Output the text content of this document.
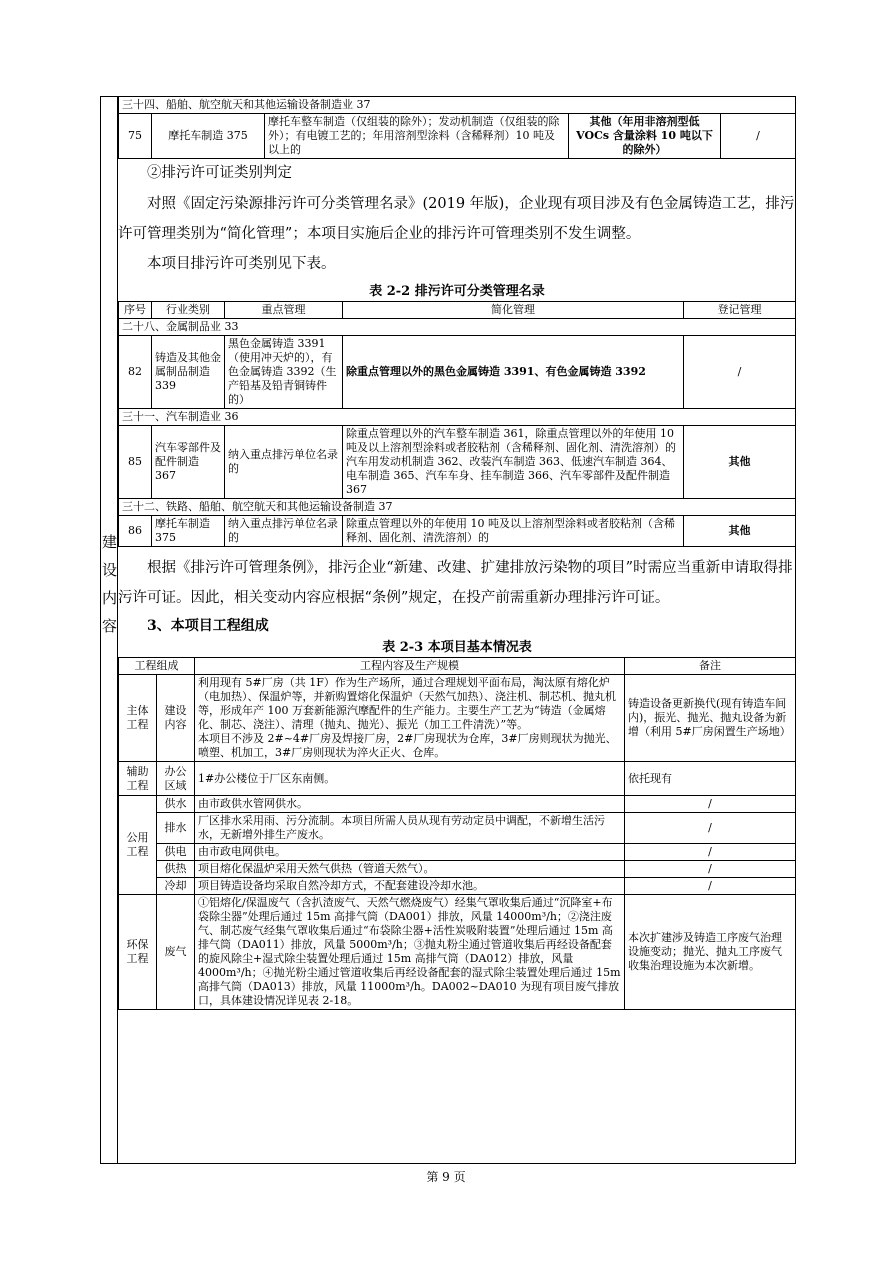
建设内容
三十四、船舶、航空航天和其他运输设备制造业 37
75	摩托车制造 375	摩托车整车制造（仅组装的除外）；发动机制造（仅组装的除外）；有电镀工艺的；年用溶剂型涂料（含稀释剂）10 吨及以上的	其他（年用非溶剂型低 VOCs 含量涂料 10 吨以下的除外）	/

②排污许可证类别判定

对照《固定污染源排污许可分类管理名录》(2019 年版)，企业现有项目涉及有色金属铸造工艺，排污许可管理类别为“简化管理”；本项目实施后企业的排污许可管理类别不发生调整。

本项目排污许可类别见下表。

表 2-2 排污许可分类管理名录
序号	行业类别	重点管理	简化管理	登记管理
二十八、金属制品业 33				
82	铸造及其他金属制品制造 339	黑色金属铸造 3391（使用冲天炉的），有色金属铸造 3392（生产铅基及铅青铜铸件的）	除重点管理以外的黑色金属铸造 3391、有色金属铸造 3392	/
三十一、汽车制造业 36				
85	汽车零部件及配件制造 367	纳入重点排污单位名录的	除重点管理以外的汽车整车制造 361，除重点管理以外的年使用 10 吨及以上溶剂型涂料或者胶粘剂（含稀释剂、固化剂、清洗溶剂）的汽车用发动机制造 362、改装汽车制造 363、低速汽车制造 364、电车制造 365、汽车车身、挂车制造 366、汽车零部件及配件制造 367	其他
三十二、铁路、船舶、航空航天和其他运输设备制造 37				
86	摩托车制造 375	纳入重点排污单位名录的	除重点管理以外的年使用 10 吨及以上溶剂型涂料或者胶粘剂（含稀释剂、固化剂、清洗溶剂）的	其他

根据《排污许可管理条例》，排污企业“新建、改建、扩建排放污染物的项目”时需应当重新申请取得排污许可证。因此，相关变动内容应根据“条例”规定，在投产前需重新办理排污许可证。

3、本项目工程组成
表 2-3 本项目基本情况表
工程组成		工程内容及生产规模	备注
主体工程	建设内容	利用现有 5#厂房（共 1F）作为生产场所，通过合理规划平面布局，淘汰原有熔化炉（电加热）、保温炉等，并新购置熔化保温炉（天然气加热）、浇注机、制芯机、抛丸机等，形成年产 100 万套新能源汽摩配件的生产能力。主要生产工艺为“铸造（金属熔化、制芯、浇注）、清理（抛丸、抛光）、振光（加工工件清洗）”等。
本项目不涉及 2#~4#厂房及焊接厂房，2#厂房现状为仓库，3#厂房则现状为抛光、喷塑、机加工，3#厂房则现状为淬火正火、仓库。	铸造设备更新换代(现有铸造车间内)，振光、抛光、抛丸设备为新增（利用 5#厂房闲置生产场地）
辅助工程	办公区域	1#办公楼位于厂区东南侧。	依托现有
公用工程	供水	由市政供水管网供水。	/
	排水	厂区排水采用雨、污分流制。本项目所需人员从现有劳动定员中调配，不新增生活污水，无新增外排生产废水。	/
	供电	由市政电网供电。	/
	供热	项目熔化保温炉采用天然气供热（管道天然气）。	/
	冷却	项目铸造设备均采取自然冷却方式，不配套建设冷却水池。	/
环保工程	废气	①铝熔化/保温废气（含扒渣废气、天然气燃烧废气）经集气罩收集后通过“沉降室+布袋除尘器”处理后通过 15m 高排气筒（DA001）排放，风量 14000m³/h；②浇注废气、制芯废气经集气罩收集后通过“布袋除尘器+活性炭吸附装置”处理后通过 15m 高排气筒（DA011）排放，风量 5000m³/h；③抛丸粉尘通过管道收集后再经设备配套的旋风除尘+湿式除尘装置处理后通过 15m 高排气筒（DA012）排放，风量 4000m³/h；④抛光粉尘通过管道收集后再经设备配套的湿式除尘装置处理后通过 15m 高排气筒（DA013）排放，风量 11000m³/h。DA002~DA010 为现有项目废气排放口，具体建设情况详见表 2-18。	本次扩建涉及铸造工序废气治理设施变动；抛光、抛丸工序废气收集治理设施为本次新增。
第 9 页
